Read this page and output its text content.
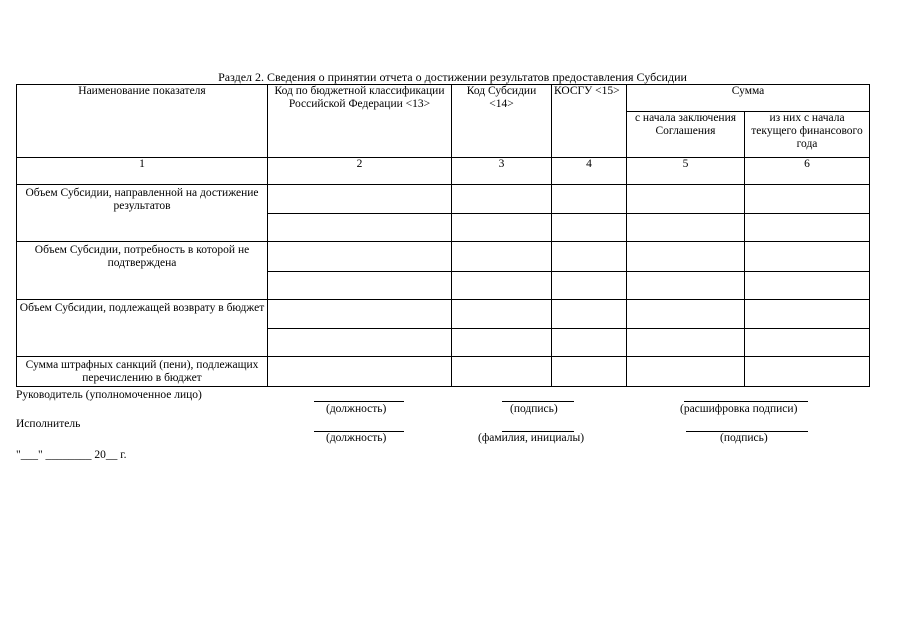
Раздел 2. Сведения о принятии отчета о достижении результатов предоставления Субсидии
Наименование показателя	Код по бюджетной классификации Российской Федерации <13>	Код Субсидии <14>	КОСГУ <15>	Сумма	
				с начала заключения Соглашения	из них с начала текущего финансового года
1	2	3	4	5	6
Объем Субсидии, направленной на достижение результатов					

Объем Субсидии, потребность в которой не подтверждена					

Объем Субсидии, подлежащей возврату в бюджет					

Сумма штрафных санкций (пени), подлежащих перечислению в бюджет					
Руководитель (уполномоченное лицо)
(должность)	(подпись)	(расшифровка подписи)
Исполнитель
(должность)	(фамилия, инициалы)	(подпись)
"___" ________ 20__ г.
